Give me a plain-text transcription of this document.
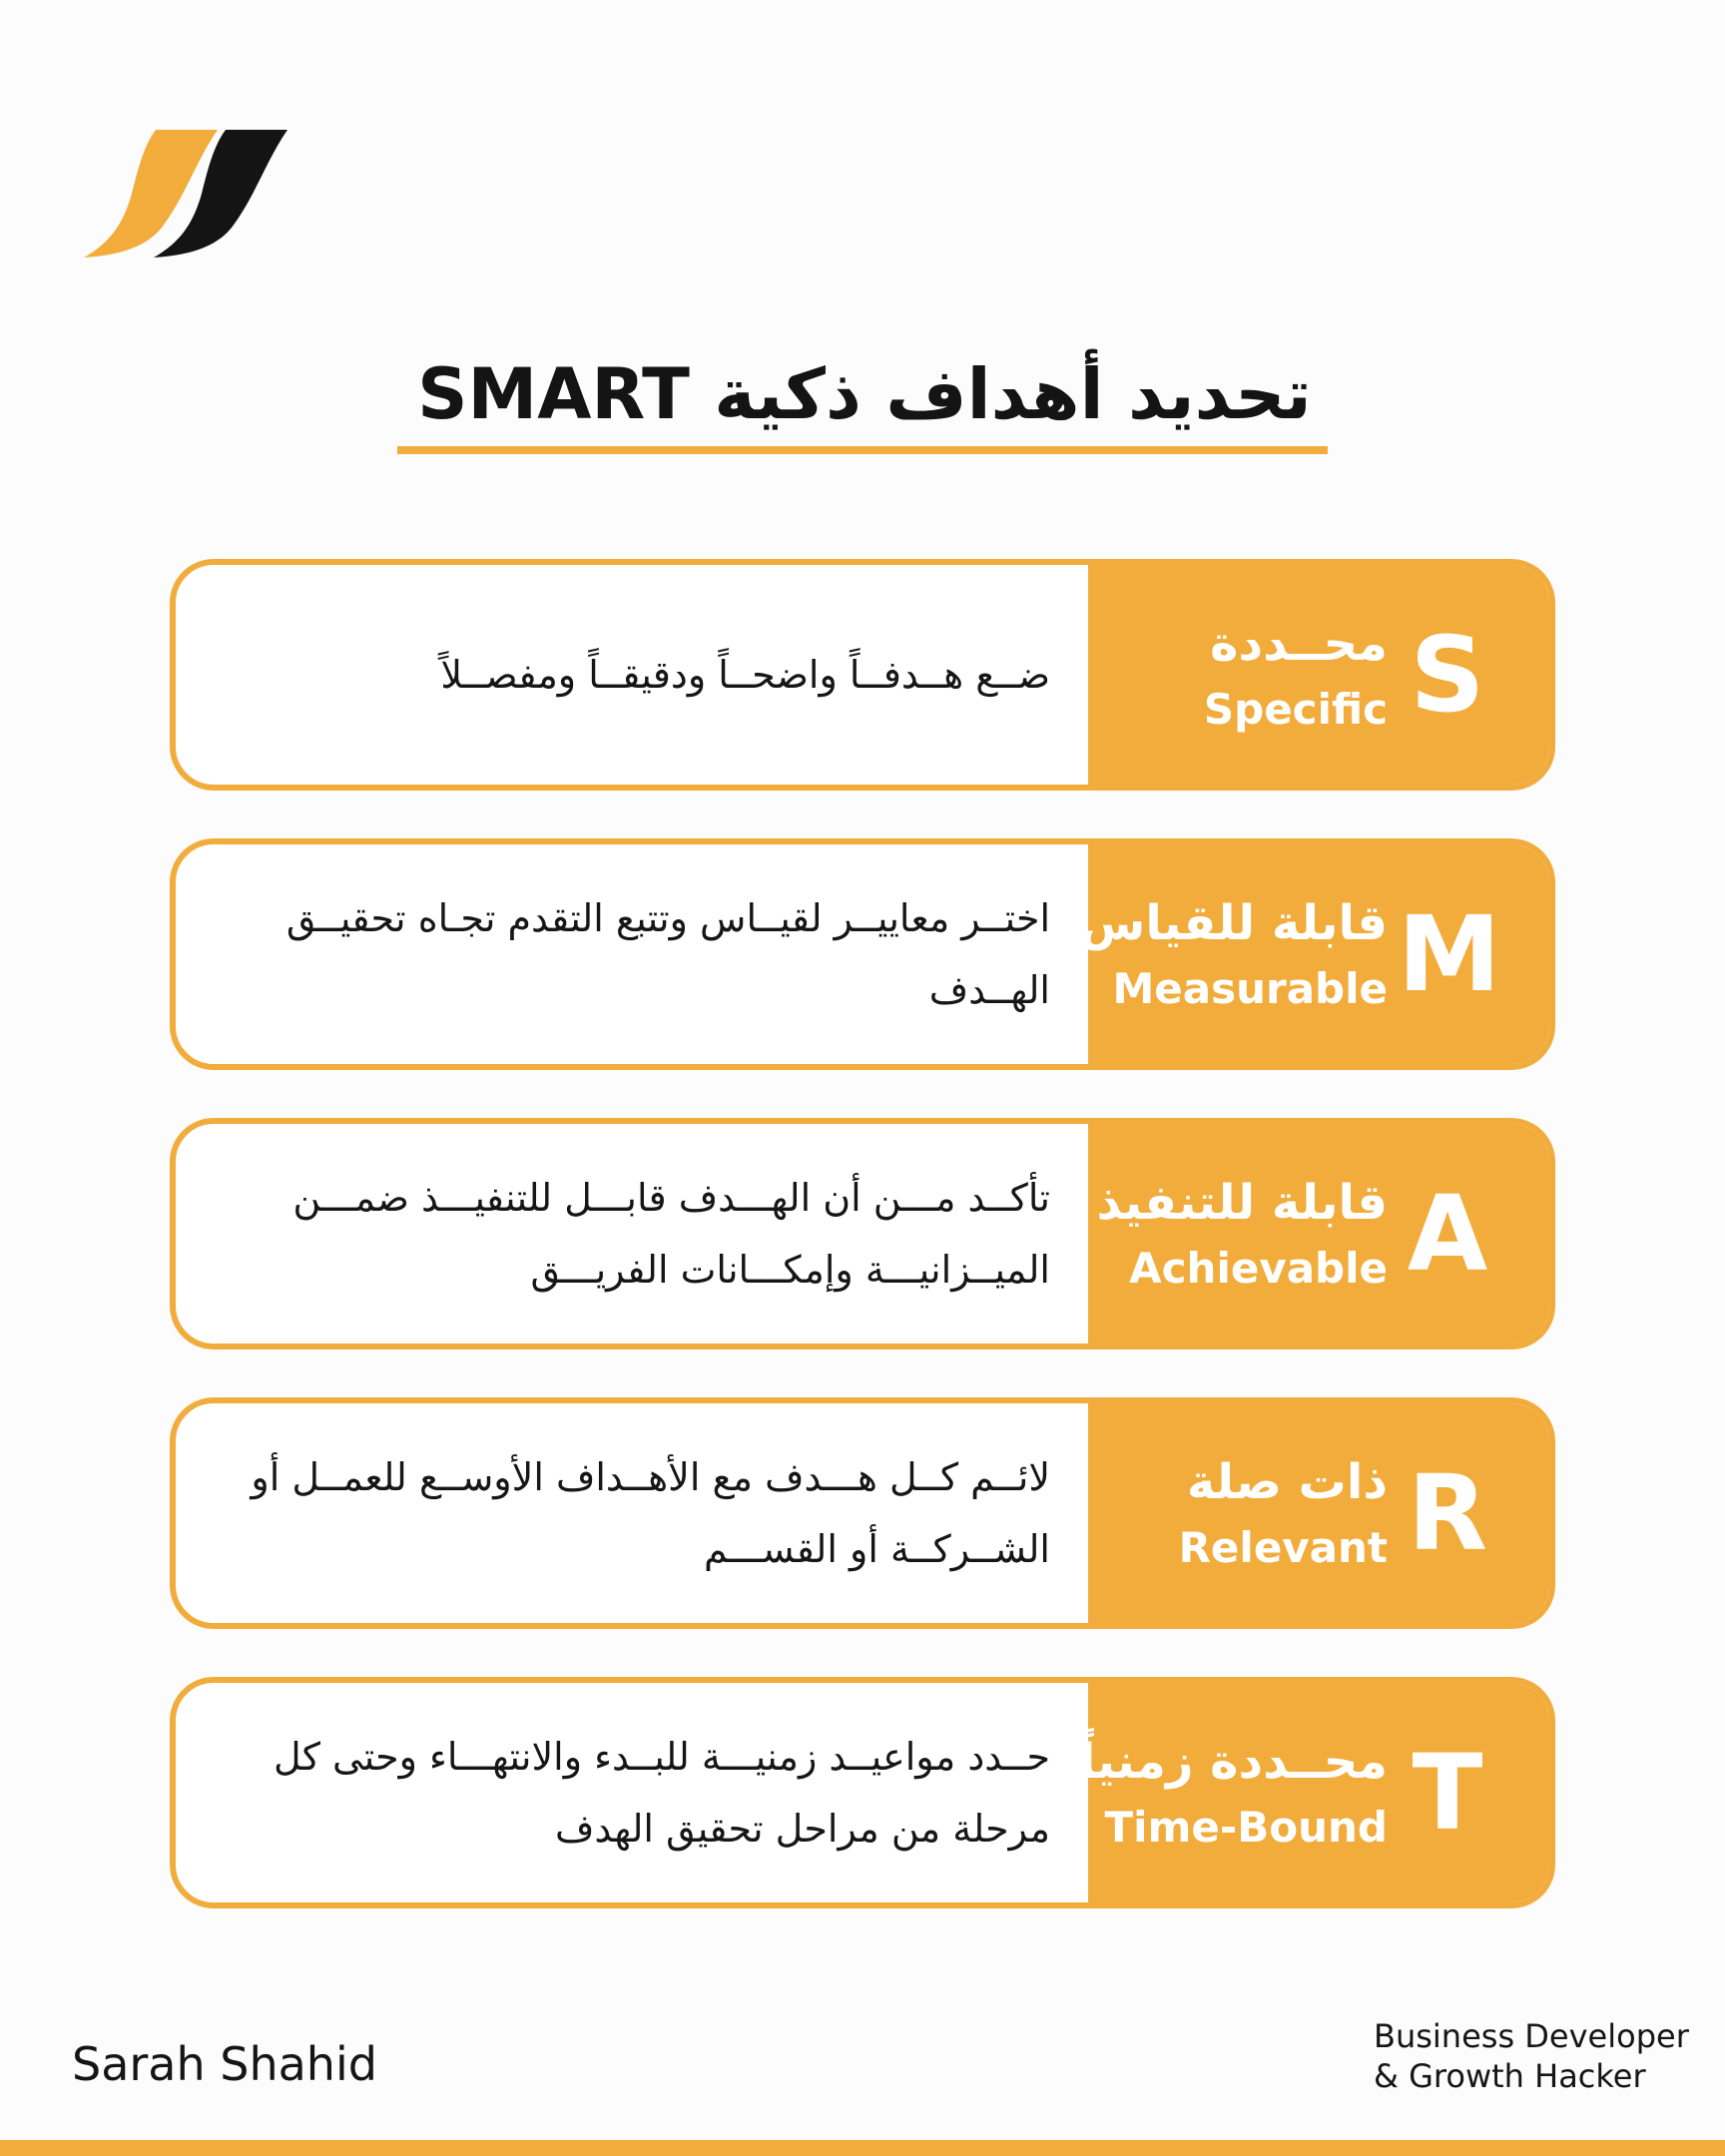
تحديد أهداف ذكية SMART
S
محــددة
Specific
ضــع هــدفــاً واضحــاً ودقيقــاً ومفصــلاً
M
قابلة للقياس
Measurable
اختــر معاييــر لقيــاس وتتبع التقدم تجـاه تحقيــق الهــدف
A
قابلة للتنفيذ
Achievable
تأكــد مـــن أن الهـــدف قابـــل للتنفيـــذ ضمـــن الميــزانيـــة وإمكـــانات الفريـــق
R
ذات صلة
Relevant
لائــم كــل هـــدف مع الأهــداف الأوســع للعمــل أو الشــركــة أو القســـم
T
محــددة زمنياً
Time-Bound
حــدد مواعيــد زمنيـــة للبــدء والانتهـــاء وحتى كل مرحلة من مراحل تحقيق الهدف
Sarah Shahid
Business Developer
& Growth Hacker
